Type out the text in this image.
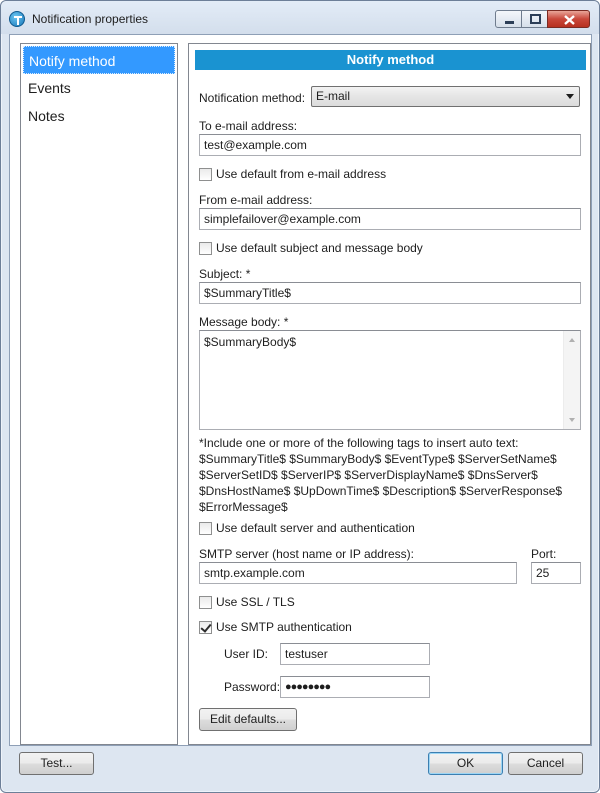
Notification properties
Notify method
Events
Notes
Notify method
Notification method: E-mail
To e-mail address:
test@example.com
Use default from e-mail address
From e-mail address:
simplefailover@example.com
Use default subject and message body
Subject: *
$SummaryTitle$
Message body: *
$SummaryBody$
*Include one or more of the following tags to insert auto text: $SummaryTitle$ $SummaryBody$ $EventType$ $ServerSetName$ $ServerSetID$ $ServerIP$ $ServerDisplayName$ $DnsServer$ $DnsHostName$ $UpDownTime$ $Description$ $ServerResponse$ $ErrorMessage$
Use default server and authentication
SMTP server (host name or IP address):
smtp.example.com
Port:
25
Use SSL / TLS
Use SMTP authentication
User ID:	testuser
Password: ●●●●●●●●
Edit defaults...
Test...	OK	Cancel
